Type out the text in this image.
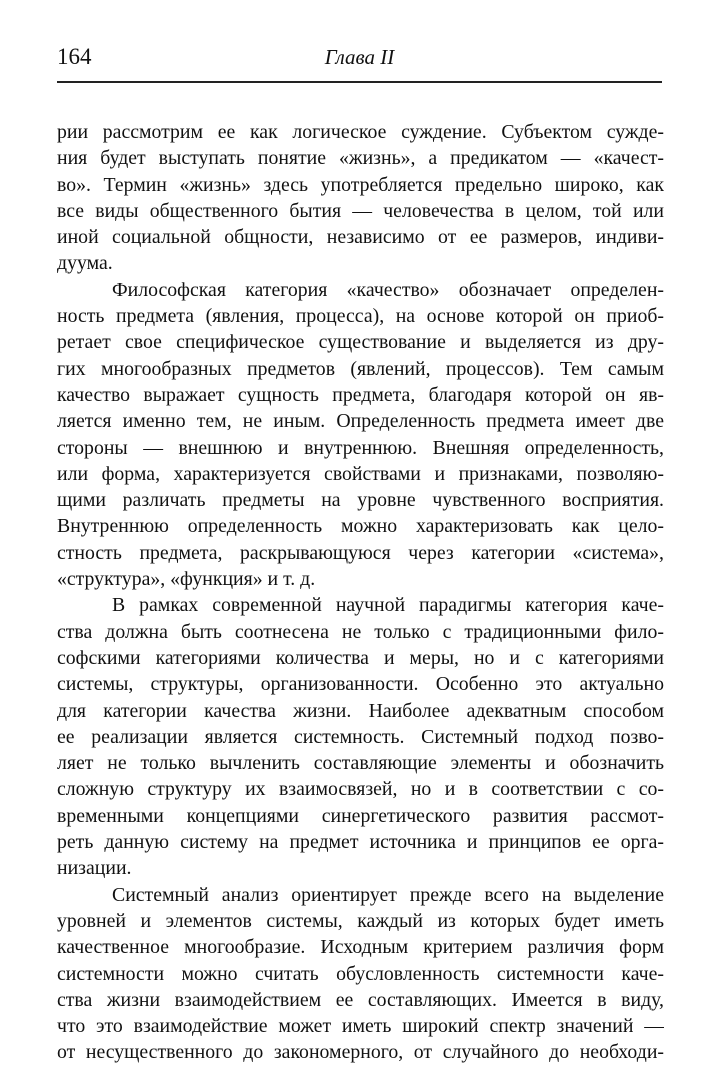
164	Глава II
рии рассмотрим ее как логическое суждение. Субъектом сужде-
ния будет выступать понятие «жизнь», а предикатом — «качест-
во». Термин «жизнь» здесь употребляется предельно широко, как
все виды общественного бытия — человечества в целом, той или
иной социальной общности, независимо от ее размеров, индиви-
дуума.
Философская категория «качество» обозначает определен-
ность предмета (явления, процесса), на основе которой он приоб-
ретает свое специфическое существование и выделяется из дру-
гих многообразных предметов (явлений, процессов). Тем самым
качество выражает сущность предмета, благодаря которой он яв-
ляется именно тем, не иным. Определенность предмета имеет две
стороны — внешнюю и внутреннюю. Внешняя определенность,
или форма, характеризуется свойствами и признаками, позволяю-
щими различать предметы на уровне чувственного восприятия.
Внутреннюю определенность можно характеризовать как цело-
стность предмета, раскрывающуюся через категории «система»,
«структура», «функция» и т. д.
В рамках современной научной парадигмы категория каче-
ства должна быть соотнесена не только с традиционными фило-
софскими категориями количества и меры, но и с категориями
системы, структуры, организованности. Особенно это актуально
для категории качества жизни. Наиболее адекватным способом
ее реализации является системность. Системный подход позво-
ляет не только вычленить составляющие элементы и обозначить
сложную структуру их взаимосвязей, но и в соответствии с со-
временными концепциями синергетического развития рассмот-
реть данную систему на предмет источника и принципов ее орга-
низации.
Системный анализ ориентирует прежде всего на выделение
уровней и элементов системы, каждый из которых будет иметь
качественное многообразие. Исходным критерием различия форм
системности можно считать обусловленность системности каче-
ства жизни взаимодействием ее составляющих. Имеется в виду,
что это взаимодействие может иметь широкий спектр значений —
от несущественного до закономерного, от случайного до необходи-
